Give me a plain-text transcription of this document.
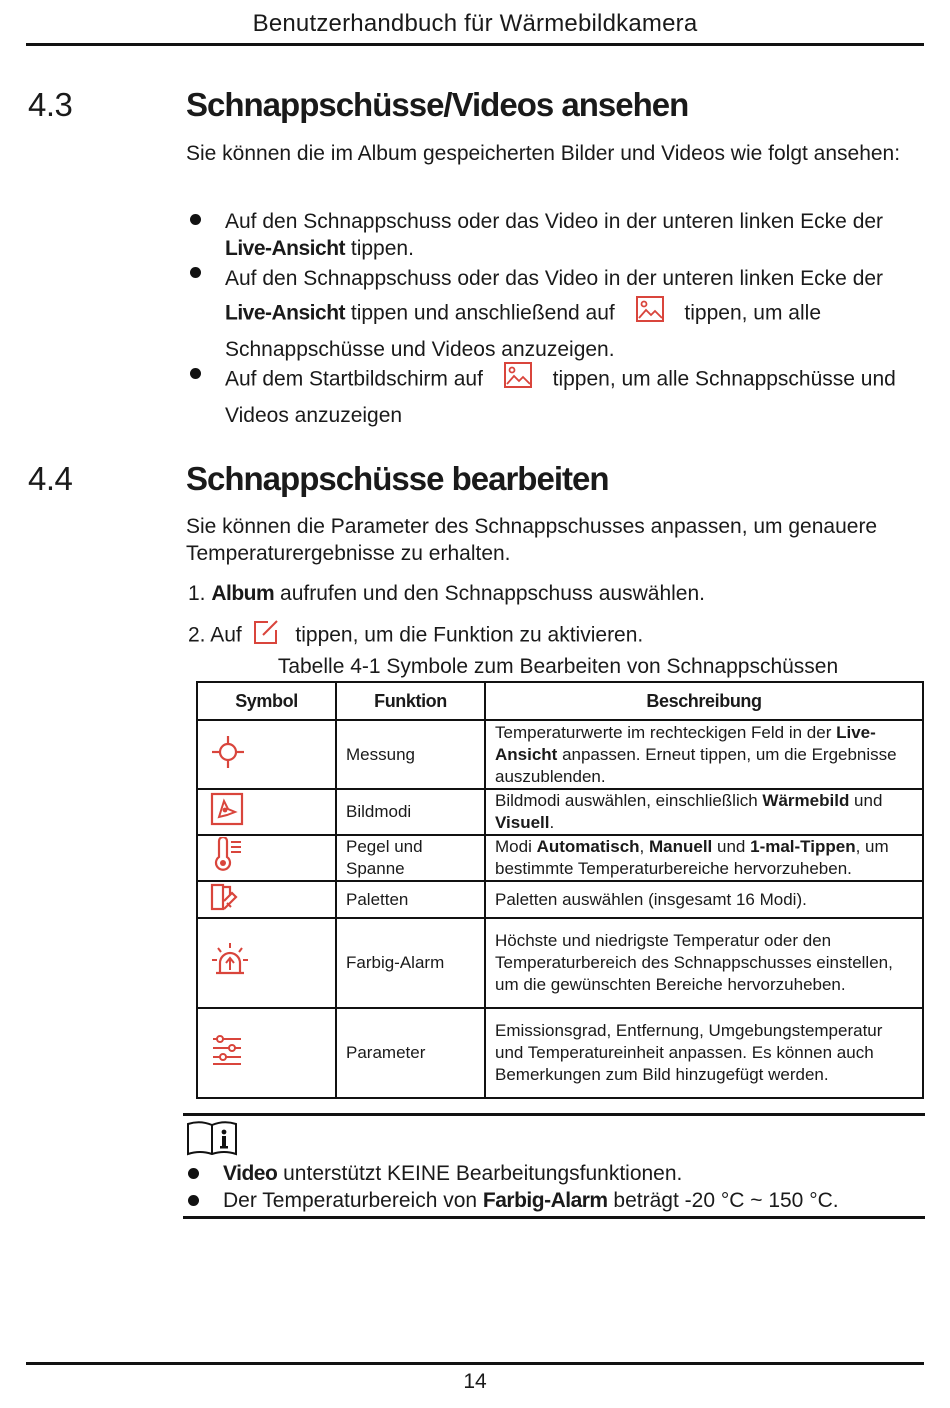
Benutzerhandbuch für Wärmebildkamera
4.3	Schnappschüsse/Videos ansehen
Sie können die im Album gespeicherten Bilder und Videos wie folgt ansehen:
Auf den Schnappschuss oder das Video in der unteren linken Ecke der Live-Ansicht tippen.
Auf den Schnappschuss oder das Video in der unteren linken Ecke der Live-Ansicht tippen und anschließend auf	tippen, um alle Schnappschüsse und Videos anzuzeigen.
Auf dem Startbildschirm auf	tippen, um alle Schnappschüsse und Videos anzuzeigen
4.4	Schnappschüsse bearbeiten
Sie können die Parameter des Schnappschusses anpassen, um genauere Temperaturergebnisse zu erhalten.
1. Album aufrufen und den Schnappschuss auswählen.
2. Auf  tippen, um die Funktion zu aktivieren.
Tabelle 4-1 Symbole zum Bearbeiten von Schnappschüssen
Symbol	Funktion	Beschreibung
	Messung	Temperaturwerte im rechteckigen Feld in der Live-Ansicht anpassen. Erneut tippen, um die Ergebnisse auszublenden.
	Bildmodi	Bildmodi auswählen, einschließlich Wärmebild und Visuell.
	Pegel und Spanne	Modi Automatisch, Manuell und 1-mal-Tippen, um bestimmte Temperaturbereiche hervorzuheben.
	Paletten	Paletten auswählen (insgesamt 16 Modi).
	Farbig-Alarm	Höchste und niedrigste Temperatur oder den Temperaturbereich des Schnappschusses einstellen, um die gewünschten Bereiche hervorzuheben.
	Parameter	Emissionsgrad, Entfernung, Umgebungstemperatur und Temperatureinheit anpassen. Es können auch Bemerkungen zum Bild hinzugefügt werden.
Video unterstützt KEINE Bearbeitungsfunktionen.
Der Temperaturbereich von Farbig-Alarm beträgt -20 °C ~ 150 °C.
14
